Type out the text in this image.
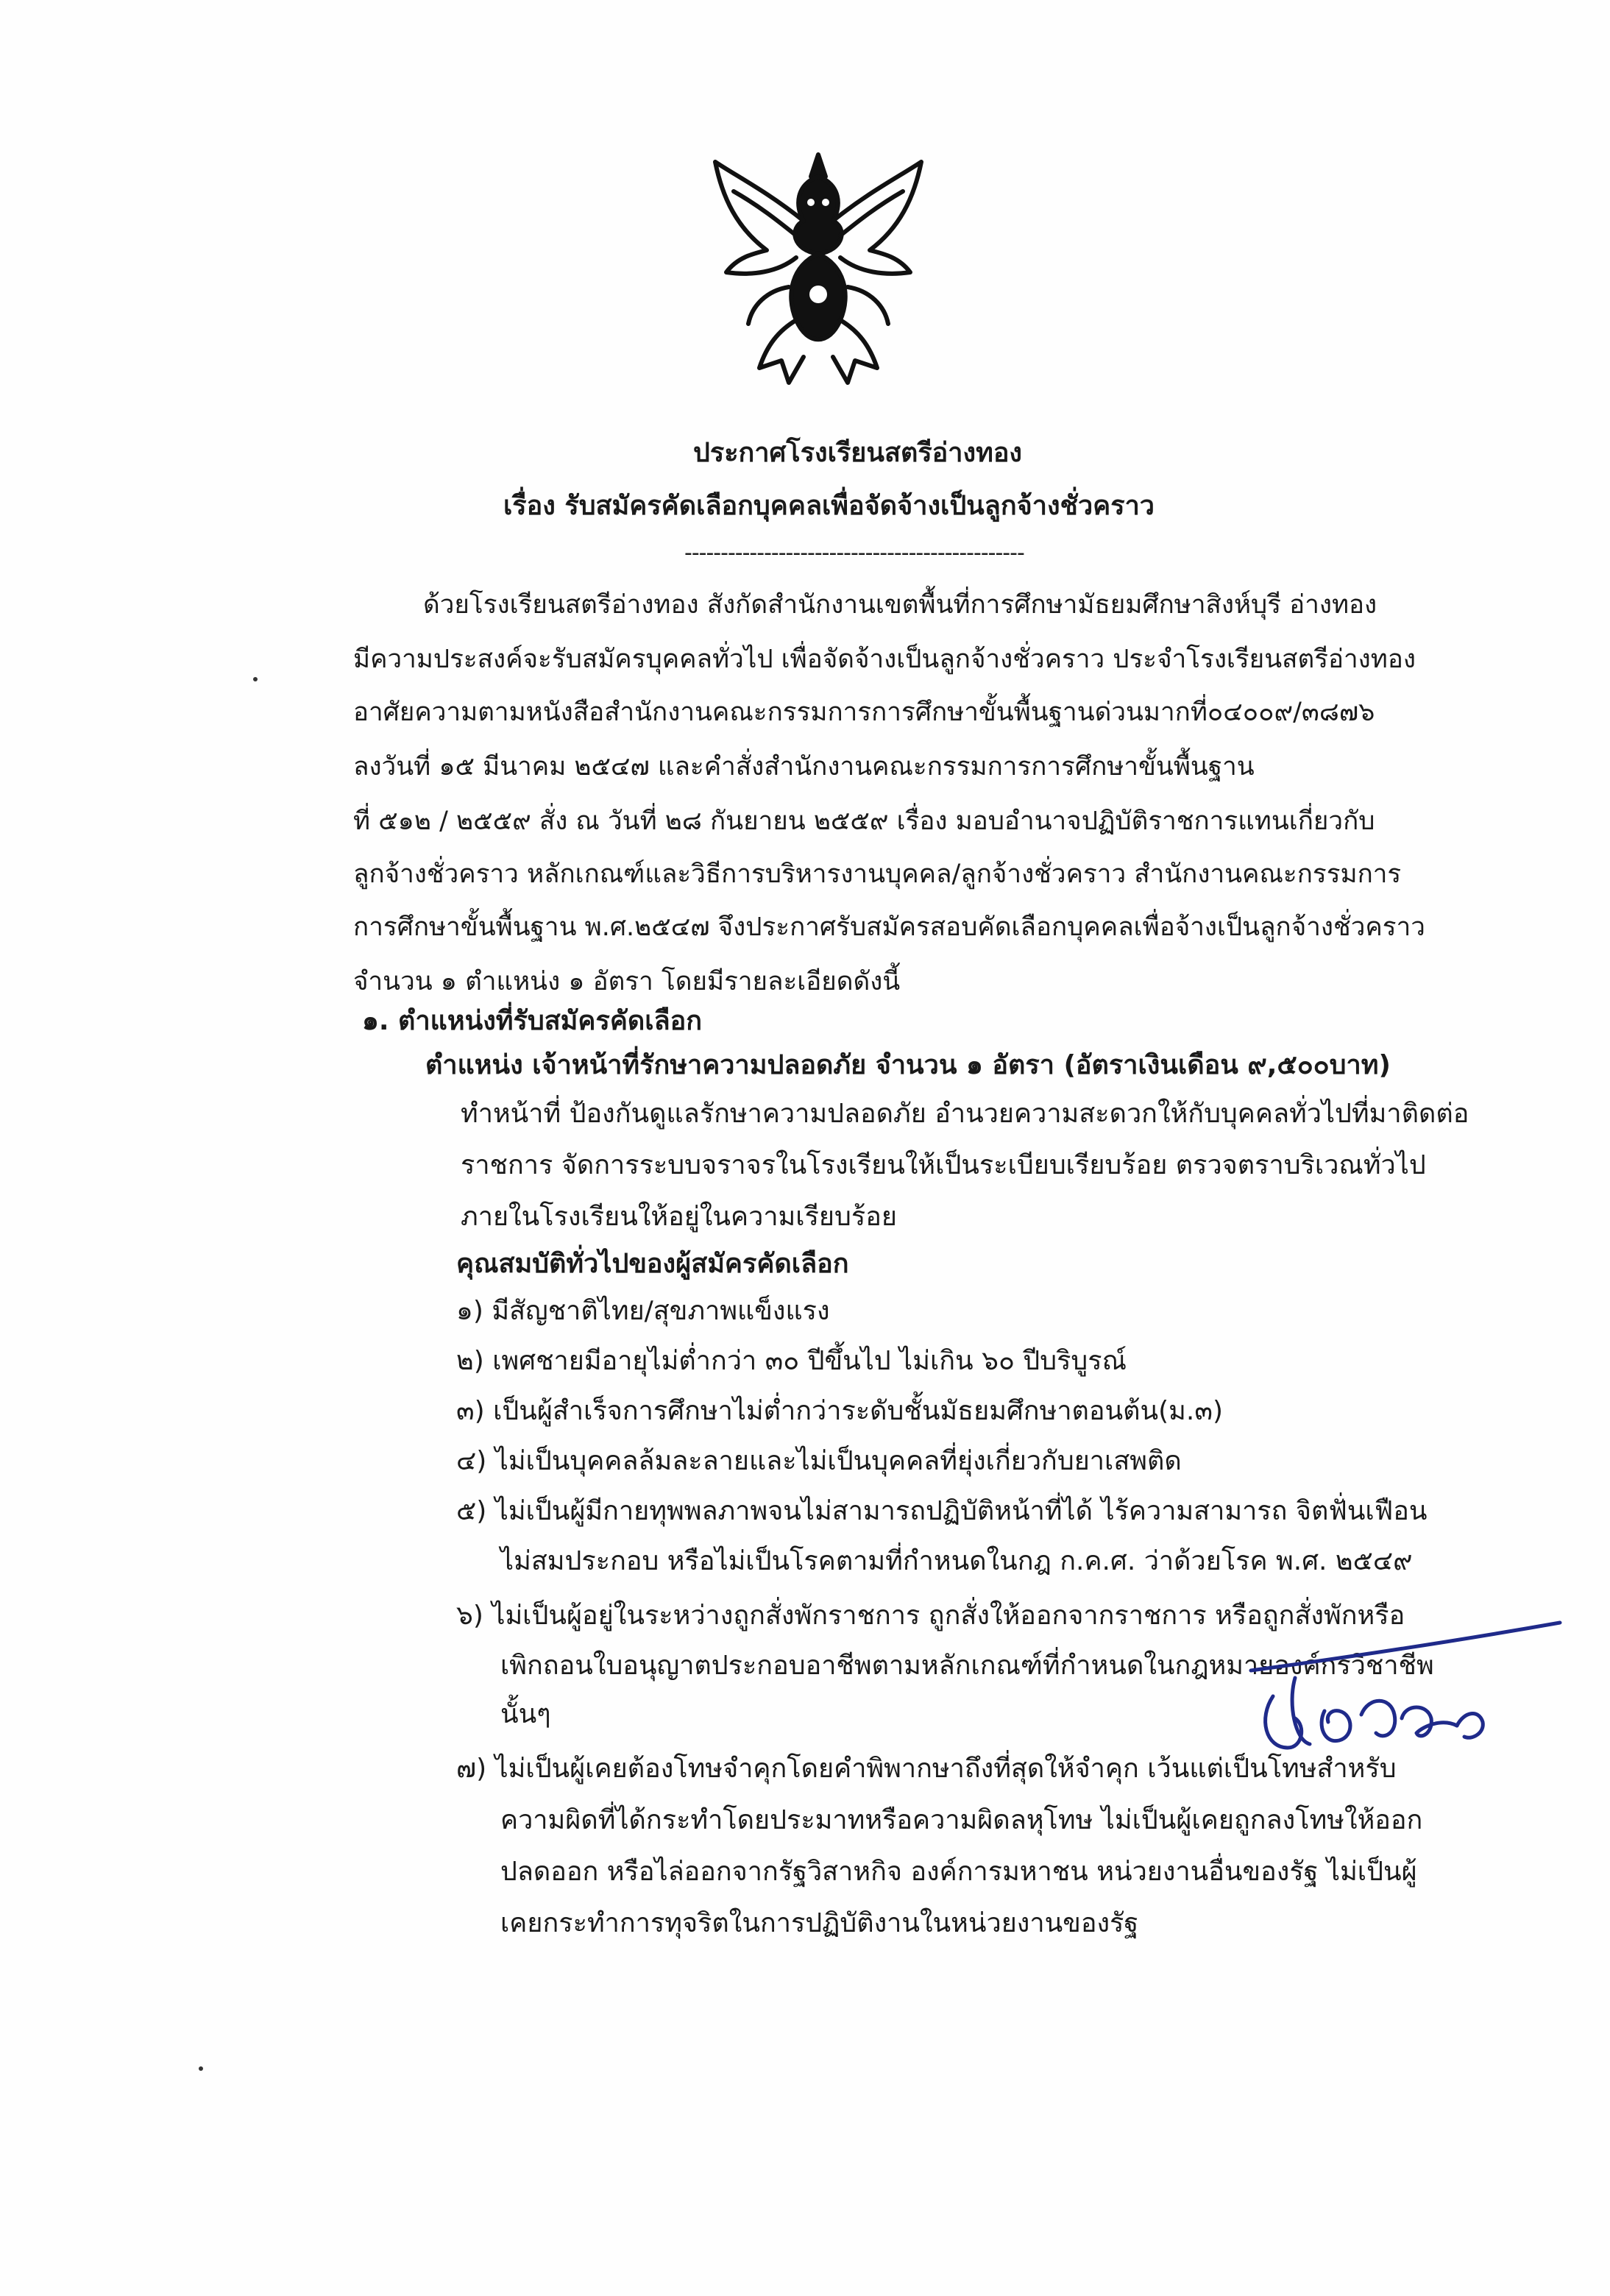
ประกาศโรงเรียนสตรีอ่างทอง
เรื่อง รับสมัครคัดเลือกบุคคลเพื่อจัดจ้างเป็นลูกจ้างชั่วคราว
-----------------------------------------------
ด้วยโรงเรียนสตรีอ่างทอง สังกัดสำนักงานเขตพื้นที่การศึกษามัธยมศึกษาสิงห์บุรี อ่างทอง
มีความประสงค์จะรับสมัครบุคคลทั่วไป เพื่อจัดจ้างเป็นลูกจ้างชั่วคราว ประจำโรงเรียนสตรีอ่างทอง
อาศัยความตามหนังสือสำนักงานคณะกรรมการการศึกษาขั้นพื้นฐานด่วนมากที่๐๔๐๐๙/๓๘๗๖
ลงวันที่ ๑๕ มีนาคม ๒๕๔๗ และคำสั่งสำนักงานคณะกรรมการการศึกษาขั้นพื้นฐาน
ที่ ๕๑๒ / ๒๕๕๙ สั่ง ณ วันที่ ๒๘ กันยายน ๒๕๕๙ เรื่อง มอบอำนาจปฏิบัติราชการแทนเกี่ยวกับ
ลูกจ้างชั่วคราว หลักเกณฑ์และวิธีการบริหารงานบุคคล/ลูกจ้างชั่วคราว สำนักงานคณะกรรมการ
การศึกษาขั้นพื้นฐาน พ.ศ.๒๕๔๗ จึงประกาศรับสมัครสอบคัดเลือกบุคคลเพื่อจ้างเป็นลูกจ้างชั่วคราว
จำนวน ๑ ตำแหน่ง ๑ อัตรา โดยมีรายละเอียดดังนี้
๑. ตำแหน่งที่รับสมัครคัดเลือก
ตำแหน่ง เจ้าหน้าที่รักษาความปลอดภัย จำนวน ๑ อัตรา (อัตราเงินเดือน ๙,๕๐๐บาท)
ทำหน้าที่ ป้องกันดูแลรักษาความปลอดภัย อำนวยความสะดวกให้กับบุคคลทั่วไปที่มาติดต่อ
ราชการ จัดการระบบจราจรในโรงเรียนให้เป็นระเบียบเรียบร้อย ตรวจตราบริเวณทั่วไป
ภายในโรงเรียนให้อยู่ในความเรียบร้อย
คุณสมบัติทั่วไปของผู้สมัครคัดเลือก
๑) มีสัญชาติไทย/สุขภาพแข็งแรง
๒) เพศชายมีอายุไม่ต่ำกว่า ๓๐ ปีขึ้นไป ไม่เกิน ๖๐ ปีบริบูรณ์
๓) เป็นผู้สำเร็จการศึกษาไม่ต่ำกว่าระดับชั้นมัธยมศึกษาตอนต้น(ม.๓)
๔) ไม่เป็นบุคคลล้มละลายและไม่เป็นบุคคลที่ยุ่งเกี่ยวกับยาเสพติด
๕) ไม่เป็นผู้มีกายทุพพลภาพจนไม่สามารถปฏิบัติหน้าที่ได้ ไร้ความสามารถ จิตฟั่นเฟือน
ไม่สมประกอบ หรือไม่เป็นโรคตามที่กำหนดในกฎ ก.ค.ศ. ว่าด้วยโรค พ.ศ. ๒๕๔๙
๖) ไม่เป็นผู้อยู่ในระหว่างถูกสั่งพักราชการ ถูกสั่งให้ออกจากราชการ หรือถูกสั่งพักหรือ
เพิกถอนใบอนุญาตประกอบอาชีพตามหลักเกณฑ์ที่กำหนดในกฎหมายองค์กรวิชาชีพ
นั้นๆ
๗) ไม่เป็นผู้เคยต้องโทษจำคุกโดยคำพิพากษาถึงที่สุดให้จำคุก เว้นแต่เป็นโทษสำหรับ
ความผิดที่ได้กระทำโดยประมาทหรือความผิดลหุโทษ ไม่เป็นผู้เคยถูกลงโทษให้ออก
ปลดออก หรือไล่ออกจากรัฐวิสาหกิจ องค์การมหาชน หน่วยงานอื่นของรัฐ ไม่เป็นผู้
เคยกระทำการทุจริตในการปฏิบัติงานในหน่วยงานของรัฐ
